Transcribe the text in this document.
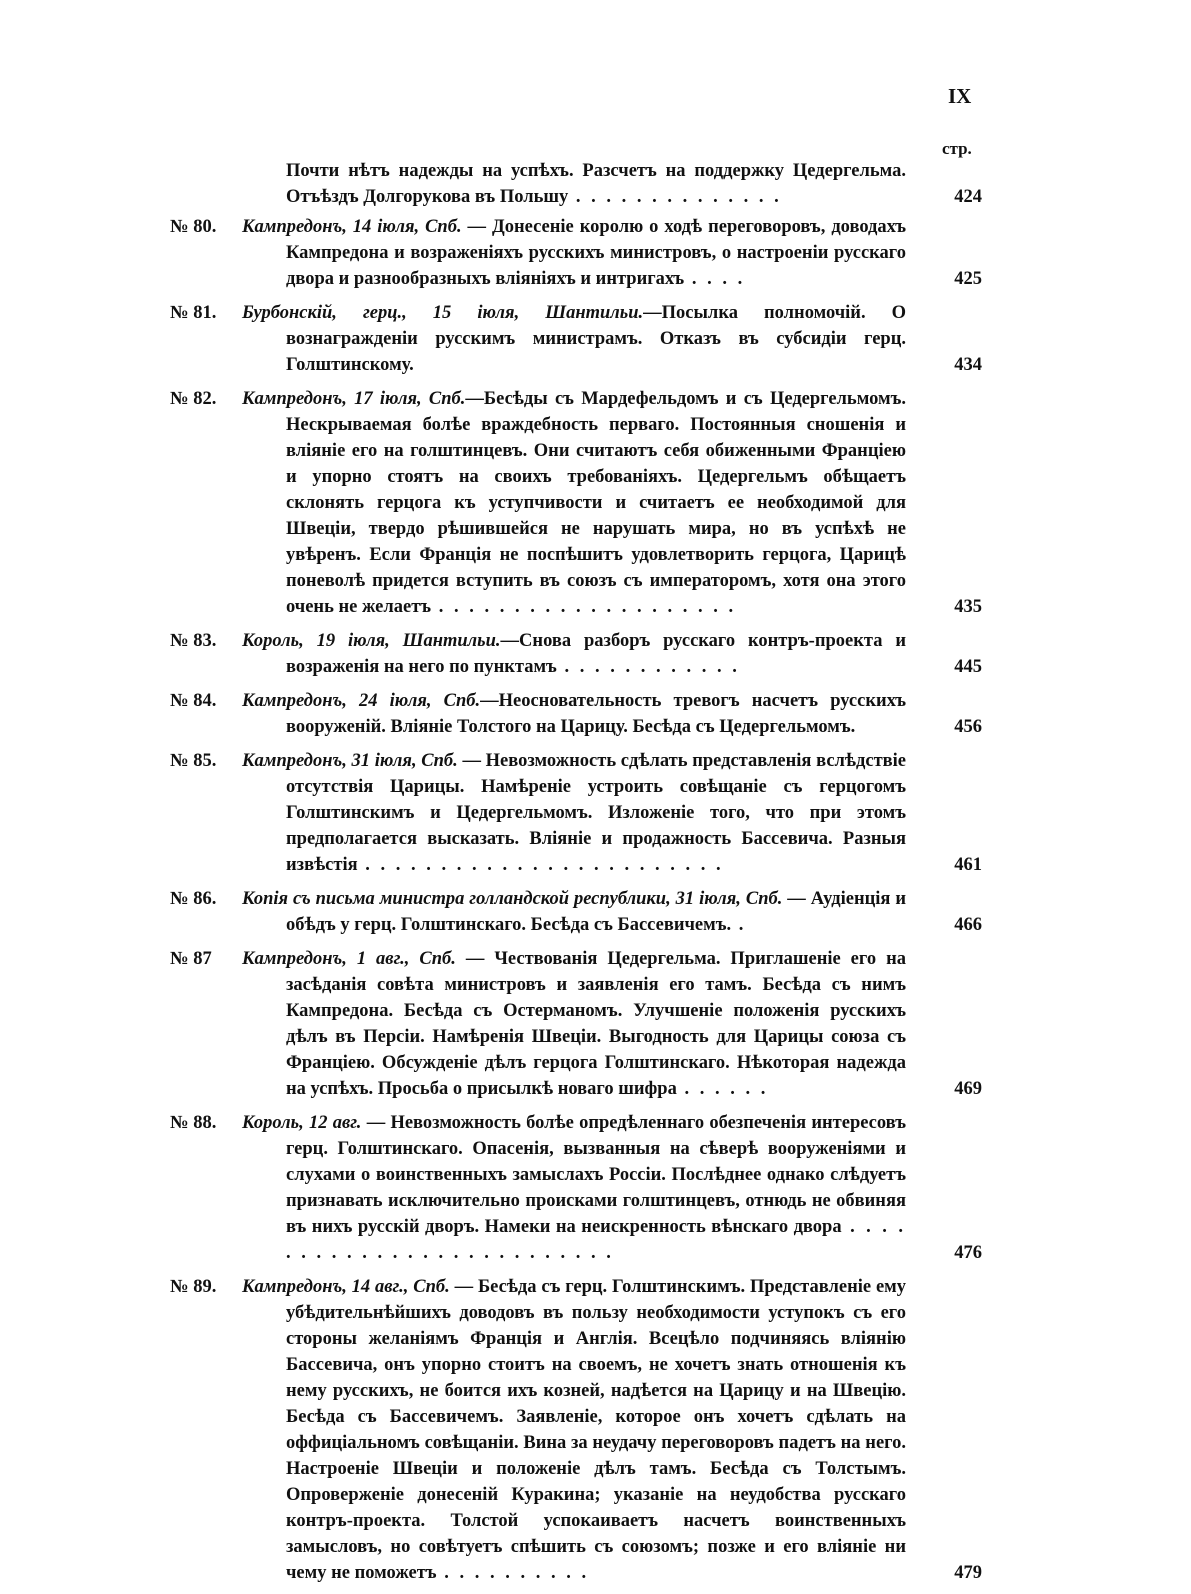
IX
стр.
Почти нѣтъ надежды на успѣхъ. Разсчетъ на поддержку Цедергельма. Отъѣздъ Долгорукова въ Польшу . . . . . . . . . . . . . .	424
№ 80. Кампредонъ, 14 іюля, Спб. — Донесеніе королю о ходѣ переговоровъ, доводахъ Кампредона и возраженіяхъ русскихъ министровъ, о настроеніи русскаго двора и разнообразныхъ вліяніяхъ и интригахъ . . . .	425
№ 81. Бурбонскій, герц., 15 іюля, Шантильи.—Посылка полномочій. О вознагражденіи русскимъ министрамъ. Отказъ въ субсидіи герц. Голштинскому.	434
№ 82. Кампредонъ, 17 іюля, Спб.—Бесѣды съ Мардефельдомъ и съ Цедергельмомъ. Нескрываемая болѣе враждебность перваго. Постоянныя сношенія и вліяніе его на голштинцевъ. Они считаютъ себя обиженными Франціею и упорно стоятъ на своихъ требованіяхъ. Цедергельмъ обѣщаетъ склонять герцога къ уступчивости и считаетъ ее необходимой для Швеціи, твердо рѣшившейся не нарушать мира, но въ успѣхѣ не увѣренъ. Если Франція не поспѣшитъ удовлетворить герцога, Царицѣ поневолѣ придется вступить въ союзъ съ императоромъ, хотя она этого очень не желаетъ . . . . . . . . . . . . . . . . . . . .	435
№ 83. Король, 19 іюля, Шантильи.—Снова разборъ русскаго контръ-проекта и возраженія на него по пунктамъ . . . . . . . . . . . .	445
№ 84. Кампредонъ, 24 іюля, Спб.—Неосновательность тревогъ насчетъ русскихъ вооруженій. Вліяніе Толстого на Царицу. Бесѣда съ Цедергельмомъ.	456
№ 85. Кампредонъ, 31 іюля, Спб. — Невозможность сдѣлать представленія вслѣдствіе отсутствія Царицы. Намѣреніе устроить совѣщаніе съ герцогомъ Голштинскимъ и Цедергельмомъ. Изложеніе того, что при этомъ предполагается высказать. Вліяніе и продажность Бассевича. Разныя извѣстія . . . . . . . . . . . . . . . . . . . . . . . .	461
№ 86. Копія съ письма министра голландской республики, 31 іюля, Спб. — Аудіенція и обѣдъ у герц. Голштинскаго. Бесѣда съ Бассевичемъ. .	466
№ 87 Кампредонъ, 1 авг., Спб. — Чествованія Цедергельма. Приглашеніе его на засѣданія совѣта министровъ и заявленія его тамъ. Бесѣда съ нимъ Кампредона. Бесѣда съ Остерманомъ. Улучшеніе положенія русскихъ дѣлъ въ Персіи. Намѣренія Швеціи. Выгодность для Царицы союза съ Франціею. Обсужденіе дѣлъ герцога Голштинскаго. Нѣкоторая надежда на успѣхъ. Просьба о присылкѣ новаго шифра . . . . . .	469
№ 88. Король, 12 авг. — Невозможность болѣе опредѣленнаго обезпеченія интересовъ герц. Голштинскаго. Опасенія, вызванныя на сѣверѣ вооруженіями и слухами о воинственныхъ замыслахъ Россіи. Послѣднее однако слѣдуетъ признавать исключительно происками голштинцевъ, отнюдь не обвиняя въ нихъ русскій дворъ. Намеки на неискренность вѣнскаго двора . . . . . . . . . . . . . . . . . . . . . . . . . .	476
№ 89. Кампредонъ, 14 авг., Спб. — Бесѣда съ герц. Голштинскимъ. Представленіе ему убѣдительнѣйшихъ доводовъ въ пользу необходимости уступокъ съ его стороны желаніямъ Франція и Англія. Всецѣло подчиняясь вліянію Бассевича, онъ упорно стоитъ на своемъ, не хочетъ знать отношенія къ нему русскихъ, не боится ихъ козней, надѣется на Царицу и на Швецію. Бесѣда съ Бассевичемъ. Заявленіе, которое онъ хочетъ сдѣлать на оффиціальномъ совѣщаніи. Вина за неудачу переговоровъ падетъ на него. Настроеніе Швеціи и положеніе дѣлъ тамъ. Бесѣда съ Толстымъ. Опроверженіе донесеній Куракина; указаніе на неудобства русскаго контръ-проекта. Толстой успокаиваетъ насчетъ воинственныхъ замысловъ, но совѣтуетъ спѣшить съ союзомъ; позже и его вліяніе ни чему не поможетъ . . . . . . . . . .	479
